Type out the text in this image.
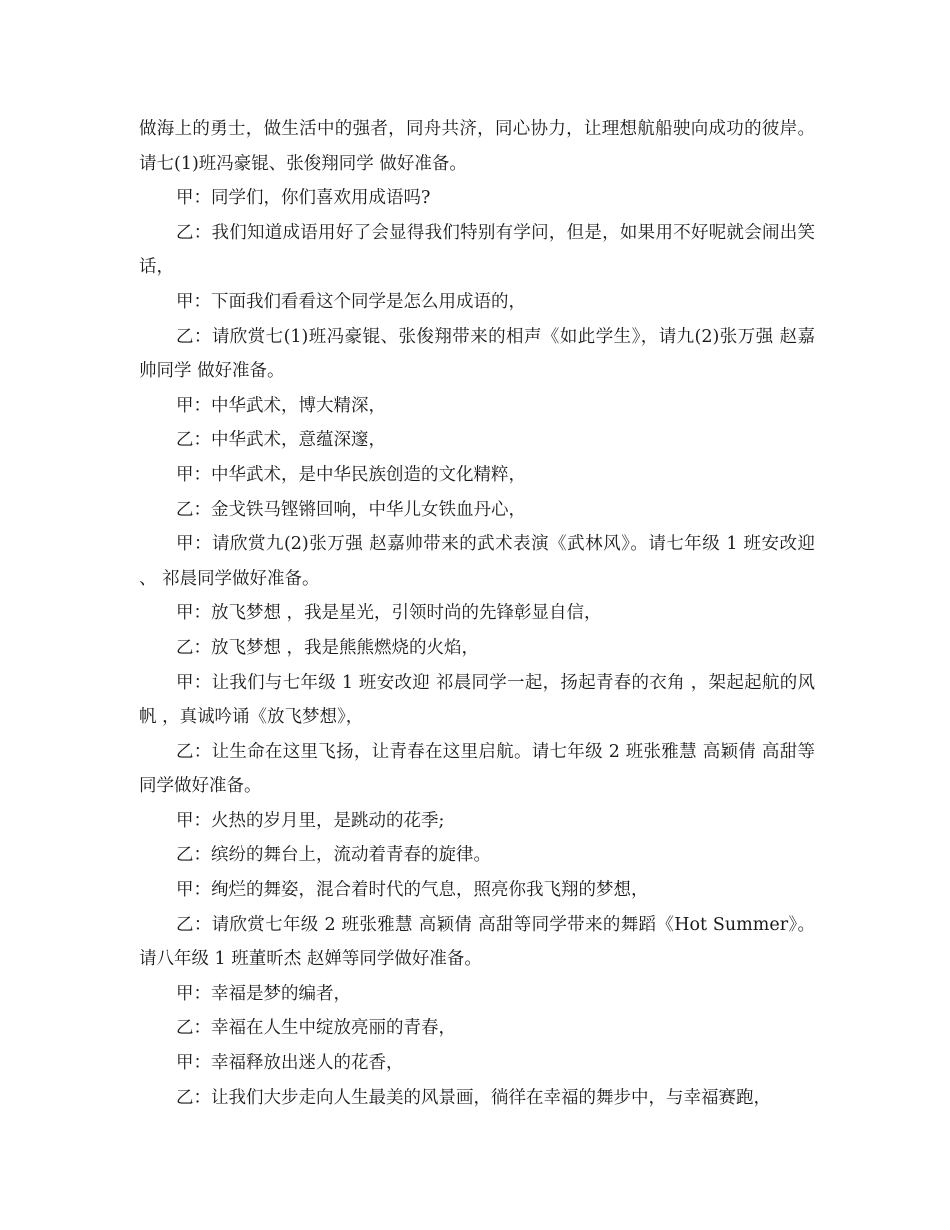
做海上的勇士，做生活中的强者，同舟共济，同心协力，让理想航船驶向成功的彼岸。请七(1)班冯豪锟、张俊翔同学 做好准备。

甲：同学们，你们喜欢用成语吗?

乙：我们知道成语用好了会显得我们特别有学问，但是，如果用不好呢就会闹出笑话，

甲：下面我们看看这个同学是怎么用成语的，

乙：请欣赏七(1)班冯豪锟、张俊翔带来的相声《如此学生》，请九(2)张万强 赵嘉帅同学 做好准备。

甲：中华武术，博大精深，

乙：中华武术，意蕴深邃，

甲：中华武术，是中华民族创造的文化精粹，

乙：金戈铁马铿锵回响，中华儿女铁血丹心，

甲：请欣赏九(2)张万强 赵嘉帅带来的武术表演《武林风》。请七年级 1 班安改迎 、 祁晨同学做好准备。

甲：放飞梦想 ，我是星光，引领时尚的先锋彰显自信，

乙：放飞梦想 ，我是熊熊燃烧的火焰，

甲：让我们与七年级 1 班安改迎 祁晨同学一起，扬起青春的衣角 ，架起起航的风帆 ，真诚吟诵《放飞梦想》，

乙：让生命在这里飞扬，让青春在这里启航。请七年级 2 班张雅慧 高颖倩 高甜等同学做好准备。

甲：火热的岁月里，是跳动的花季;

乙：缤纷的舞台上，流动着青春的旋律。

甲：绚烂的舞姿，混合着时代的气息，照亮你我飞翔的梦想，

乙：请欣赏七年级 2 班张雅慧 高颖倩 高甜等同学带来的舞蹈《Hot Summer》。请八年级 1 班董昕杰 赵婵等同学做好准备。

甲：幸福是梦的编者，

乙：幸福在人生中绽放亮丽的青春，

甲：幸福释放出迷人的花香，

乙：让我们大步走向人生最美的风景画，徜徉在幸福的舞步中，与幸福赛跑，
